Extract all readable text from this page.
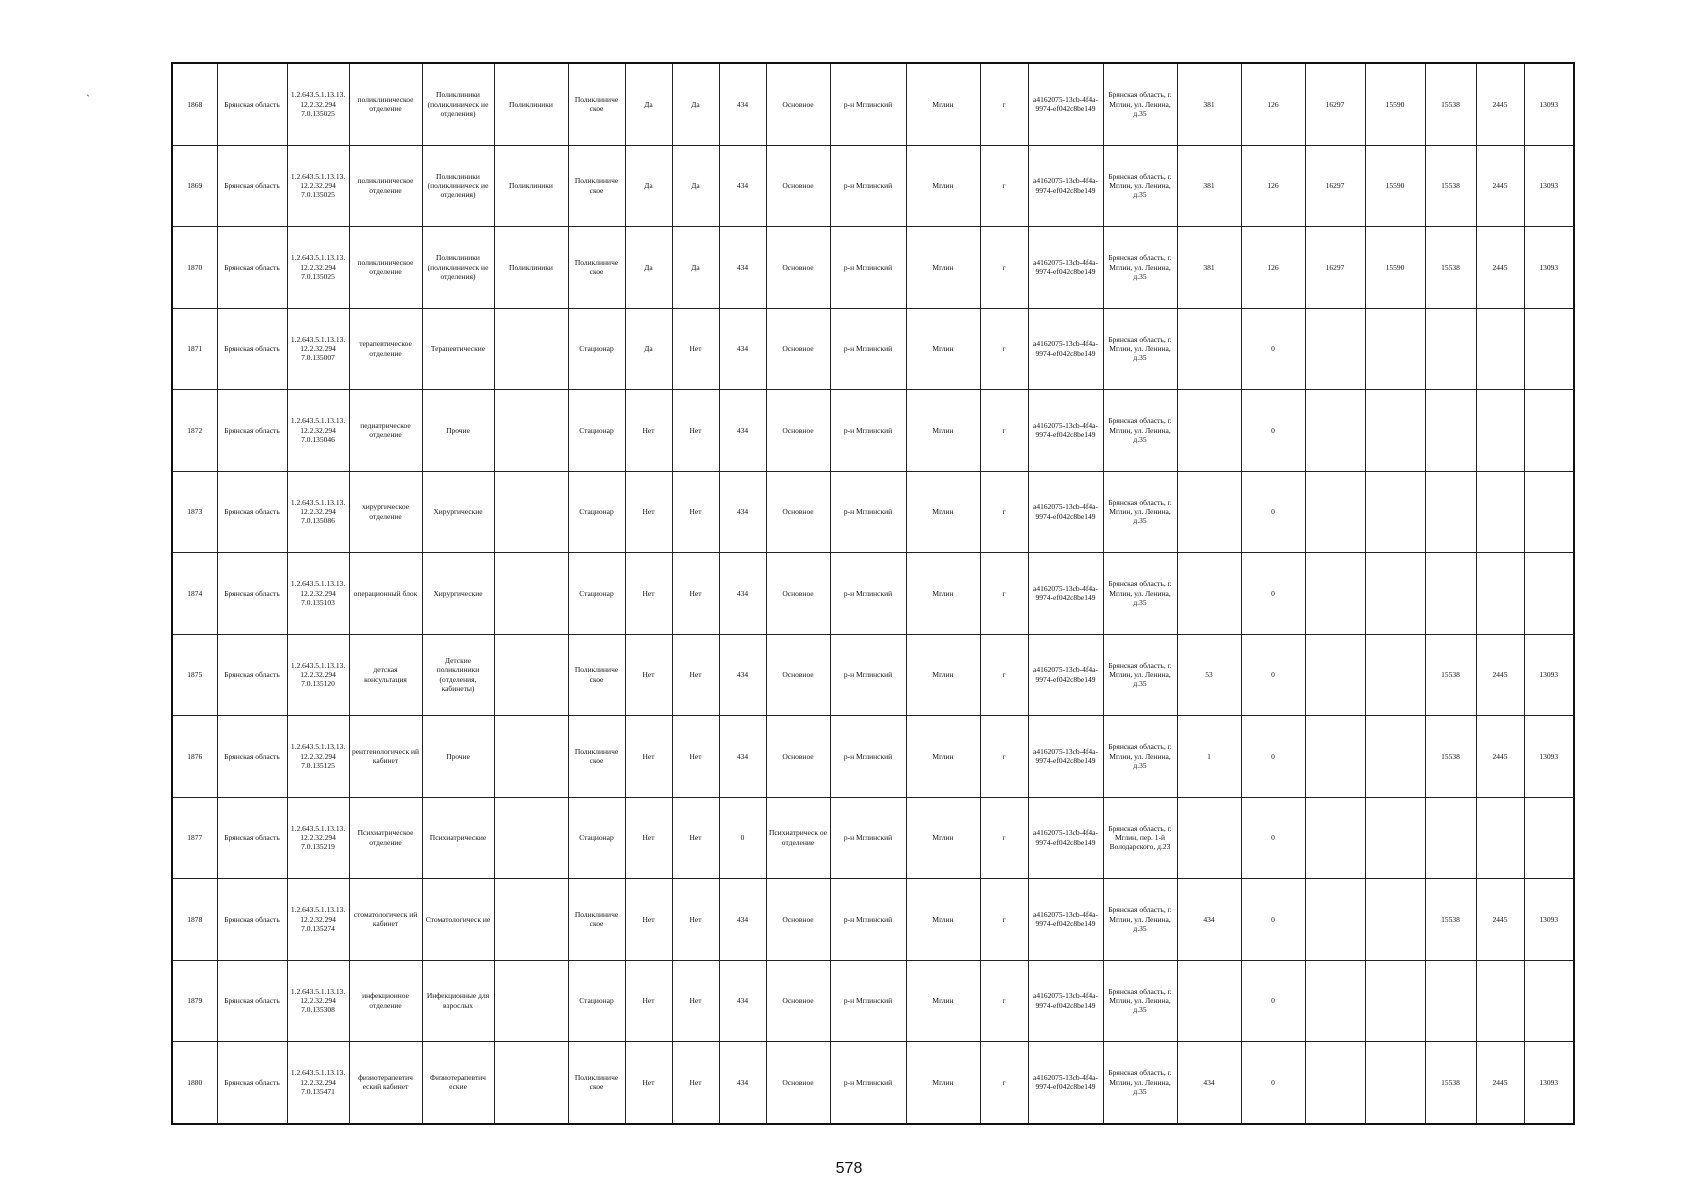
`	1868	Брянская область	1.2.643.5.1.13.13.12.2.32.294 7.0.135025	поликлиническое отделение	Поликлиники (поликлиническ ие отделения)	Поликлиники	Поликлиниче ское	Да	Да	434	Основное	р-н Мглинский	Мглин	г	a4162075-13cb-4f4a-9974-ef042c8be149	Брянская область, г. Мглин, ул. Ленина, д.35	381	126	16297	15590	15538	2445	13093
1869	Брянская область	1.2.643.5.1.13.13.12.2.32.294 7.0.135025	поликлиническое отделение	Поликлиники (поликлиническ ие отделения)	Поликлиники	Поликлиниче ское	Да	Да	434	Основное	р-н Мглинский	Мглин	г	a4162075-13cb-4f4a-9974-ef042c8be149	Брянская область, г. Мглин, ул. Ленина, д.35	381	126	16297	15590	15538	2445	13093
1870	Брянская область	1.2.643.5.1.13.13.12.2.32.294 7.0.135025	поликлиническое отделение	Поликлиники (поликлиническ ие отделения)	Поликлиники	Поликлиниче ское	Да	Да	434	Основное	р-н Мглинский	Мглин	г	a4162075-13cb-4f4a-9974-ef042c8be149	Брянская область, г. Мглин, ул. Ленина, д.35	381	126	16297	15590	15538	2445	13093
1871	Брянская область	1.2.643.5.1.13.13.12.2.32.294 7.0.135007	терапевтическое отделение	Терапевтические		Стационар	Да	Нет	434	Основное	р-н Мглинский	Мглин	г	a4162075-13cb-4f4a-9974-ef042c8be149	Брянская область, г. Мглин, ул. Ленина, д.35		0					
1872	Брянская область	1.2.643.5.1.13.13.12.2.32.294 7.0.135046	педиатрическое отделение	Прочие		Стационар	Нет	Нет	434	Основное	р-н Мглинский	Мглин	г	a4162075-13cb-4f4a-9974-ef042c8be149	Брянская область, г. Мглин, ул. Ленина, д.35		0					
1873	Брянская область	1.2.643.5.1.13.13.12.2.32.294 7.0.135086	хирургическое отделение	Хирургические		Стационар	Нет	Нет	434	Основное	р-н Мглинский	Мглин	г	a4162075-13cb-4f4a-9974-ef042c8be149	Брянская область, г. Мглин, ул. Ленина, д.35		0					
1874	Брянская область	1.2.643.5.1.13.13.12.2.32.294 7.0.135103	операционный блок	Хирургические		Стационар	Нет	Нет	434	Основное	р-н Мглинский	Мглин	г	a4162075-13cb-4f4a-9974-ef042c8be149	Брянская область, г. Мглин, ул. Ленина, д.35		0					
1875	Брянская область	1.2.643.5.1.13.13.12.2.32.294 7.0.135120	детская консультация	Детские поликлиники (отделения, кабинеты)		Поликлиниче ское	Нет	Нет	434	Основное	р-н Мглинский	Мглин	г	a4162075-13cb-4f4a-9974-ef042c8be149	Брянская область, г. Мглин, ул. Ленина, д.35	53	0			15538	2445	13093
1876	Брянская область	1.2.643.5.1.13.13.12.2.32.294 7.0.135125	рентгенологическ ий кабинет	Прочие		Поликлиниче ское	Нет	Нет	434	Основное	р-н Мглинский	Мглин	г	a4162075-13cb-4f4a-9974-ef042c8be149	Брянская область, г. Мглин, ул. Ленина, д.35	1	0			15538	2445	13093
1877	Брянская область	1.2.643.5.1.13.13.12.2.32.294 7.0.135219	Психиатрическое отделение	Психиатрические		Стационар	Нет	Нет	0	Психиатрическ ое отделение	р-н Мглинский	Мглин	г	a4162075-13cb-4f4a-9974-ef042c8be149	Брянская область, г. Мглин, пер. 1-й Володарского, д.23		0					
1878	Брянская область	1.2.643.5.1.13.13.12.2.32.294 7.0.135274	стоматологическ ий кабинет	Стоматологическ ие		Поликлиниче ское	Нет	Нет	434	Основное	р-н Мглинский	Мглин	г	a4162075-13cb-4f4a-9974-ef042c8be149	Брянская область, г. Мглин, ул. Ленина, д.35	434	0			15538	2445	13093
1879	Брянская область	1.2.643.5.1.13.13.12.2.32.294 7.0.135308	инфекционное отделение	Инфекционные для взрослых		Стационар	Нет	Нет	434	Основное	р-н Мглинский	Мглин	г	a4162075-13cb-4f4a-9974-ef042c8be149	Брянская область, г. Мглин, ул. Ленина, д.35		0					
1880	Брянская область	1.2.643.5.1.13.13.12.2.32.294 7.0.135471	физиотерапевтич еский кабинет	Физиотерапевтич еские		Поликлиниче ское	Нет	Нет	434	Основное	р-н Мглинский	Мглин	г	a4162075-13cb-4f4a-9974-ef042c8be149	Брянская область, г. Мглин, ул. Ленина, д.35	434	0			15538	2445	13093
578
